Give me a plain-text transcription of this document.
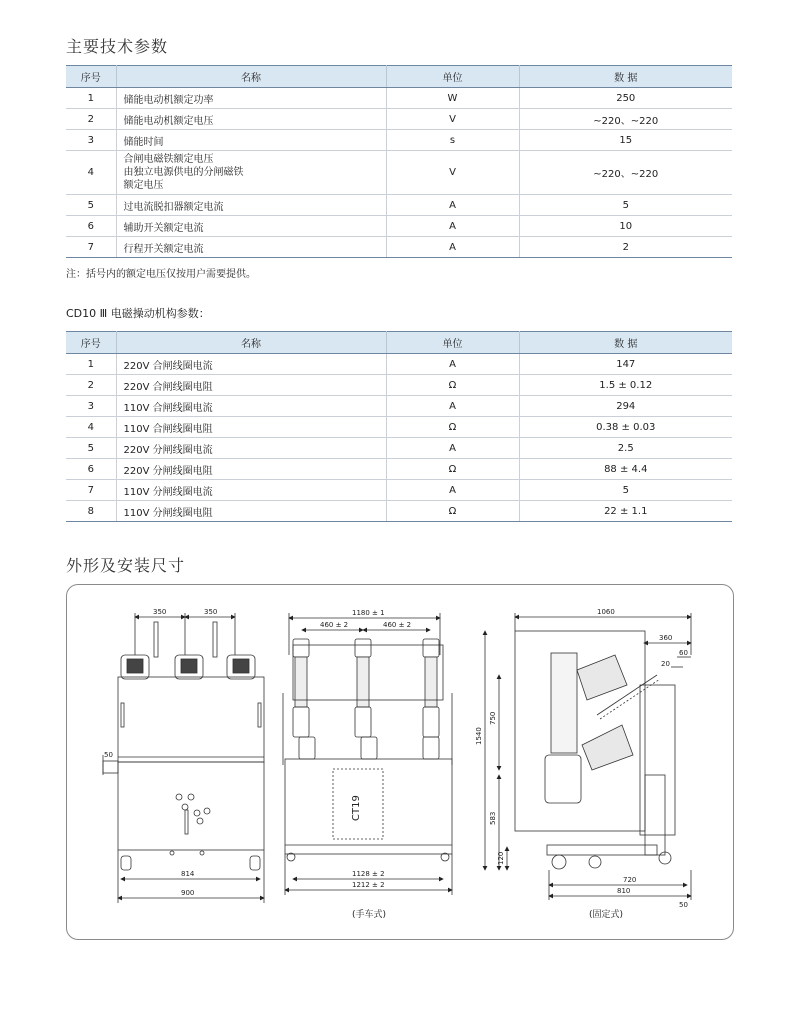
主要技术参数
序号	名称	单位	数 据
1	储能电动机额定功率	W	250
2	储能电动机额定电压	V	~220、~220
3	储能时间	s	15
4	合闸电磁铁额定电压
由独立电源供电的分闸磁铁
额定电压	V	~220、~220
5	过电流脱扣器额定电流	A	5
6	辅助开关额定电流	A	10
7	行程开关额定电流	A	2
注：括号内的额定电压仅按用户需要提供。
CD10 Ⅲ 电磁操动机构参数：
序号	名称	单位	数 据
1	220V 合闸线圈电流	A	147
2	220V 合闸线圈电阻	Ω	1.5 ± 0.12
3	110V 合闸线圈电流	A	294
4	110V 合闸线圈电阻	Ω	0.38 ± 0.03
5	220V 分闸线圈电流	A	2.5
6	220V 分闸线圈电阻	Ω	88 ± 4.4
7	110V 分闸线圈电流	A	5
8	110V 分闸线圈电阻	Ω	22 ± 1.1
外形及安装尺寸
350	350
50
814
900
1180 ± 1
460 ± 2	460 ± 2
1128 ± 2
1212 ± 2
CT19
(手车式)
1060
360
60
20
750
1540
583
120
720
810
50
(固定式)
